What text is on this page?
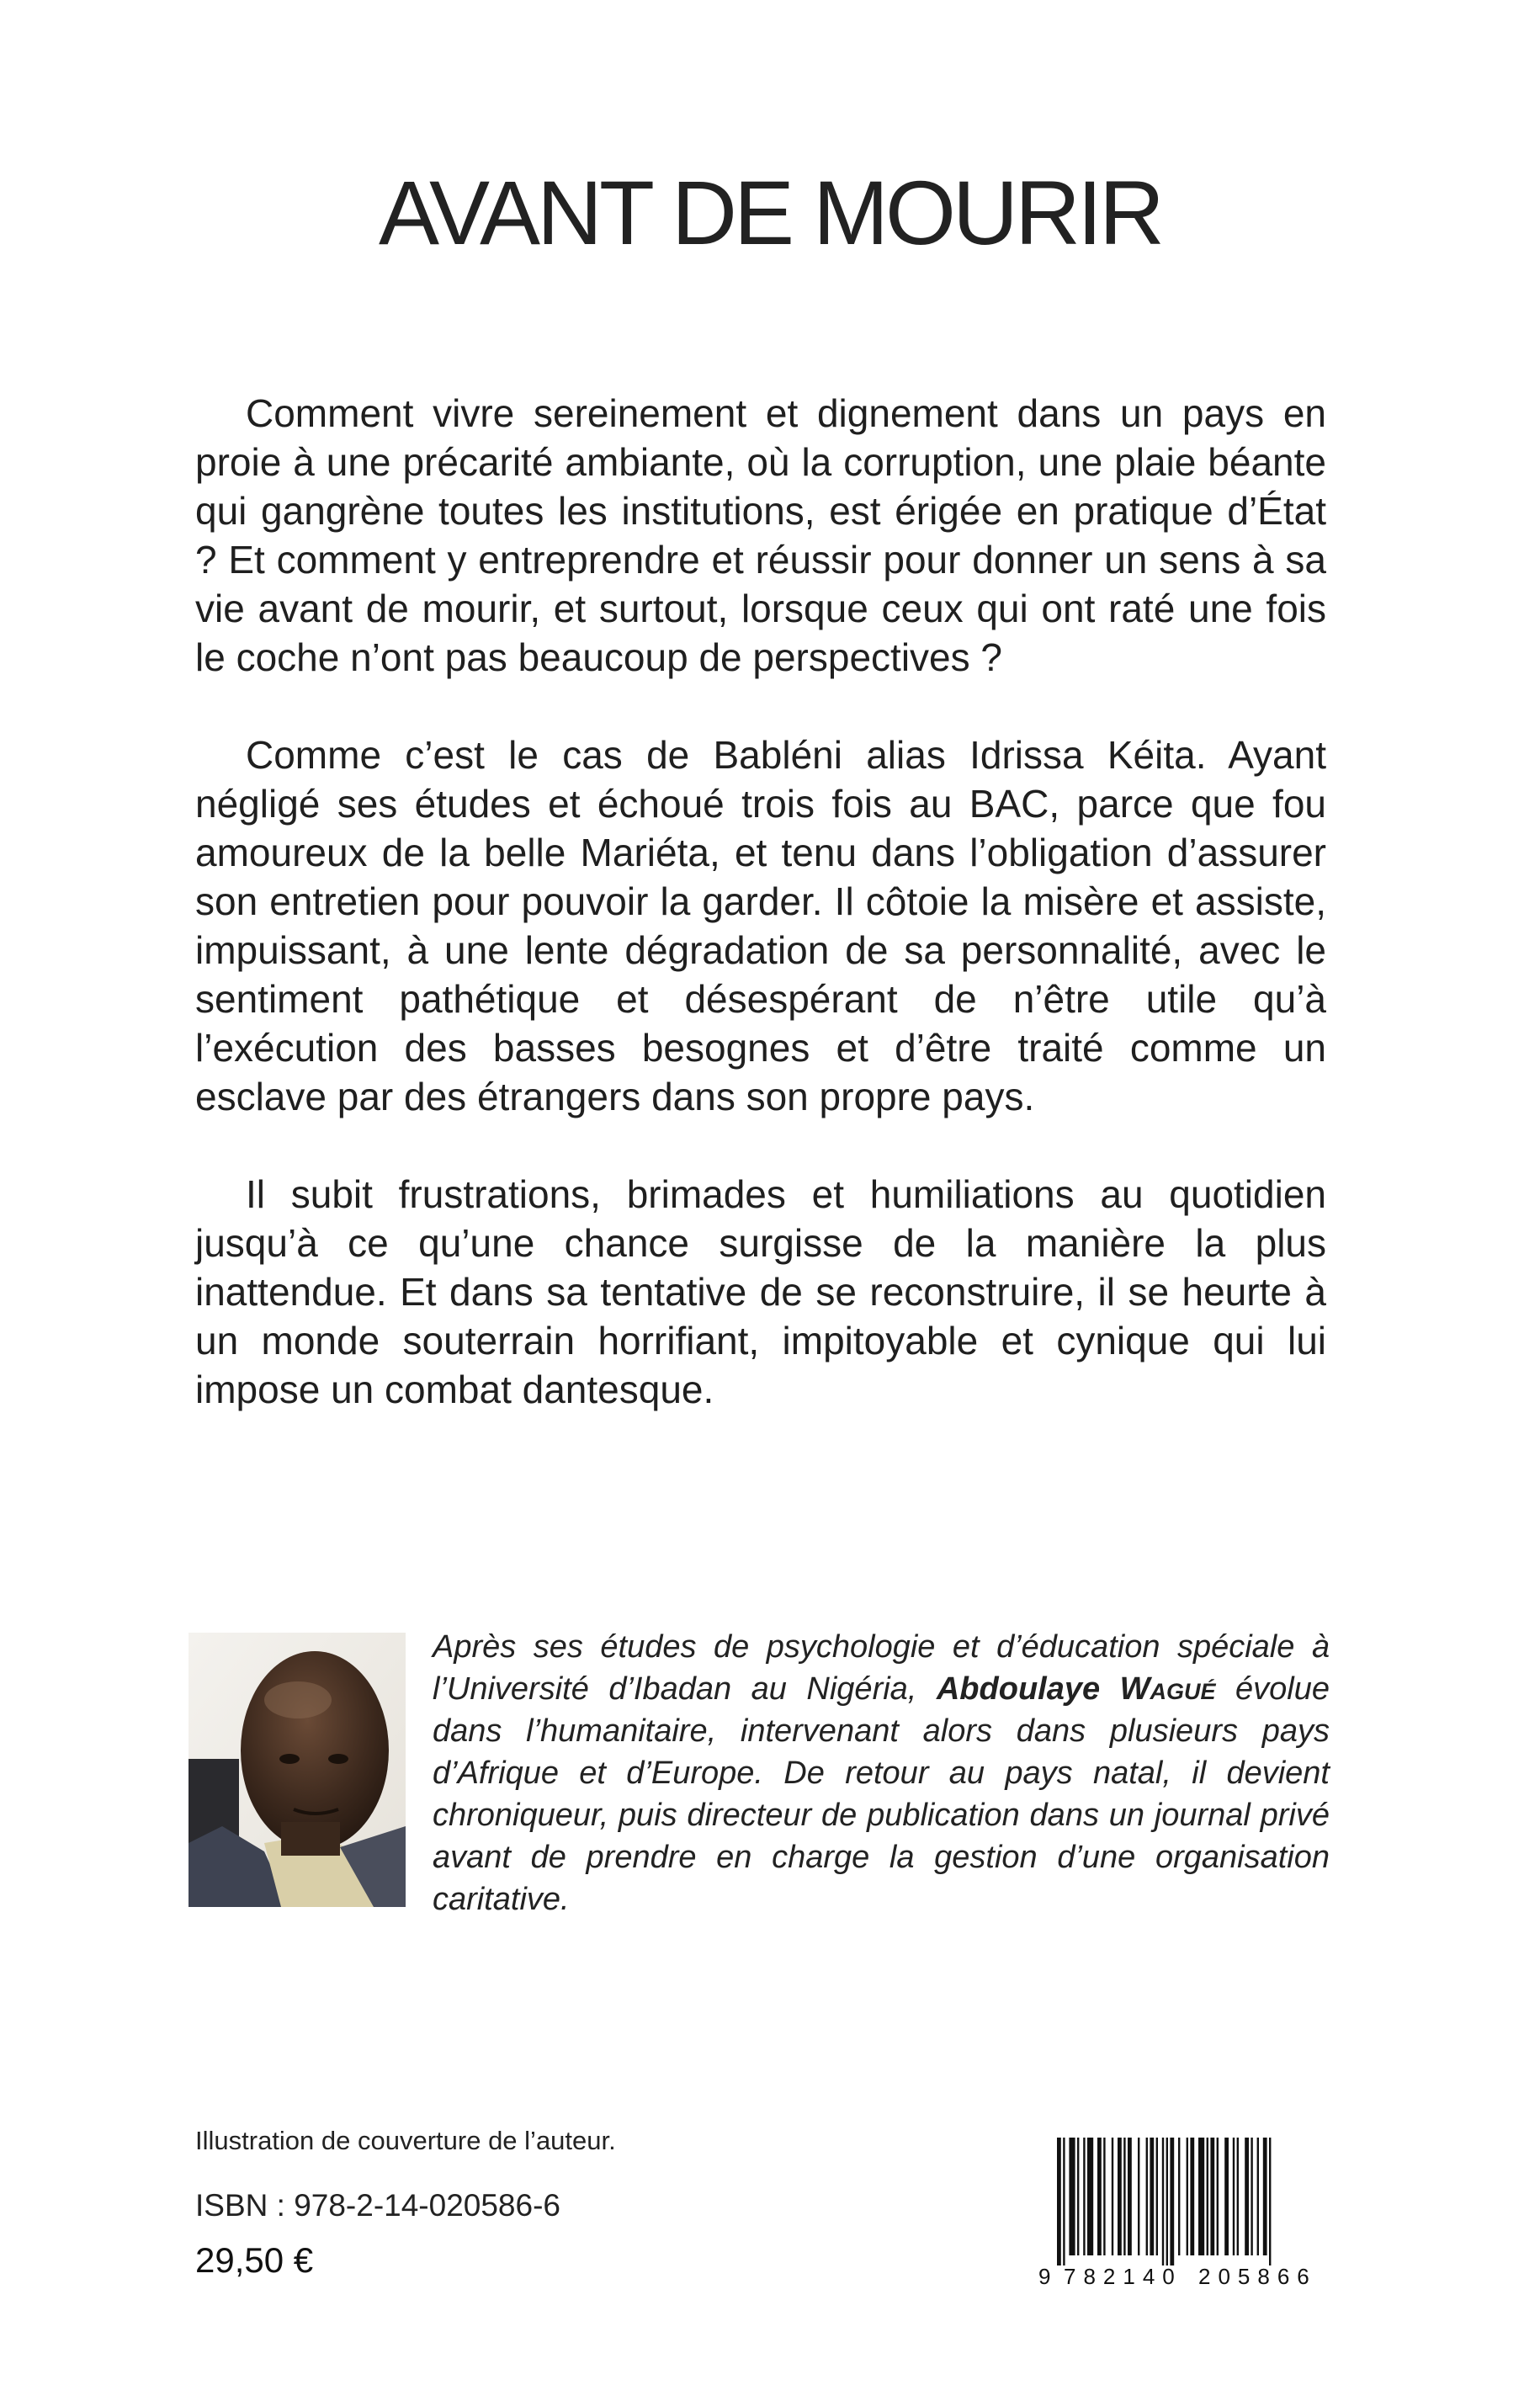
AVANT DE MOURIR

Comment vivre sereinement et dignement dans un pays en proie à une précarité ambiante, où la corruption, une plaie béante qui gangrène toutes les institutions, est érigée en pratique d’État ? Et comment y entreprendre et réussir pour donner un sens à sa vie avant de mourir, et surtout, lorsque ceux qui ont raté une fois le coche n’ont pas beaucoup de perspectives ?

Comme c’est le cas de Babléni alias Idrissa Kéita. Ayant négligé ses études et échoué trois fois au BAC, parce que fou amoureux de la belle Mariéta, et tenu dans l’obligation d’assurer son entretien pour pouvoir la garder. Il côtoie la misère et assiste, impuissant, à une lente dégradation de sa personnalité, avec le sentiment pathétique et désespérant de n’être utile qu’à l’exécution des basses besognes et d’être traité comme un esclave par des étrangers dans son propre pays.

Il subit frustrations, brimades et humiliations au quotidien jusqu’à ce qu’une chance surgisse de la manière la plus inattendue. Et dans sa tentative de se reconstruire, il se heurte à un monde souterrain horrifiant, impitoyable et cynique qui lui impose un combat dantesque.

Après ses études de psychologie et d’éducation spéciale à l’Université d’Ibadan au Nigéria, Abdoulaye Wagué évolue dans l’humanitaire, intervenant alors dans plusieurs pays d’Afrique et d’Europe. De retour au pays natal, il devient chroniqueur, puis directeur de publication dans un journal privé avant de prendre en charge la gestion d’une organisation caritative.

Illustration de couverture de l’auteur.
ISBN : 978-2-14-020586-6
29,50 €	9 782140 205866
